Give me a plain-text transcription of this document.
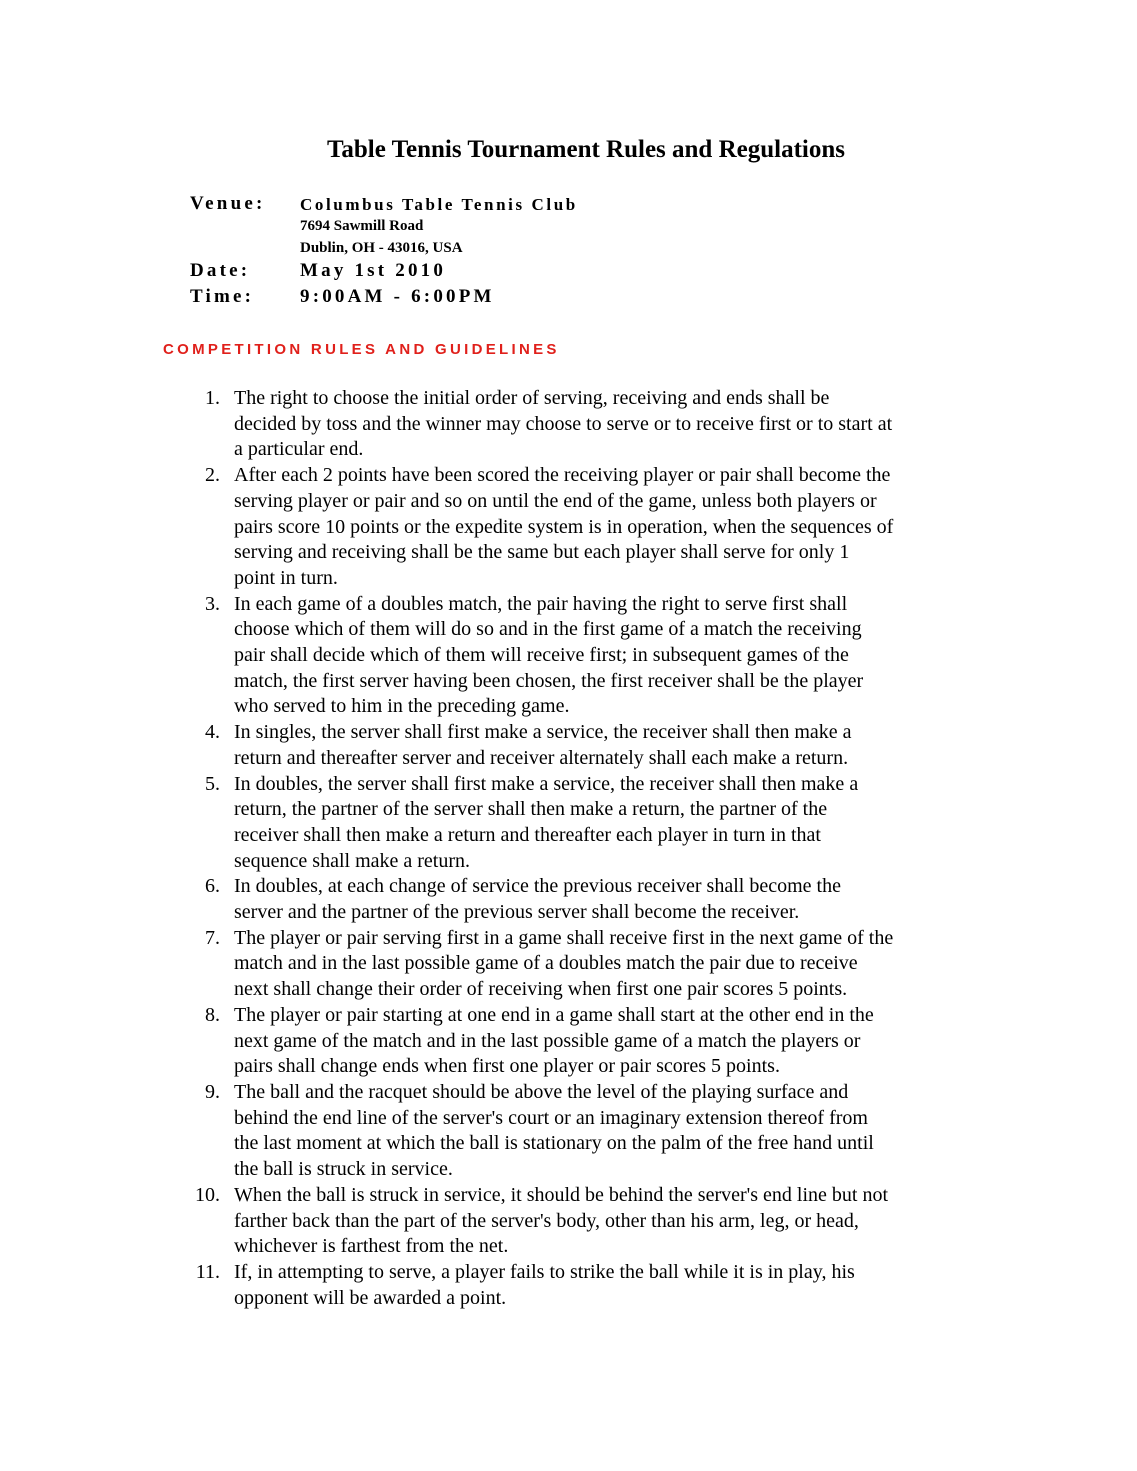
Table Tennis Tournament Rules and Regulations
Venue: Columbus Table Tennis Club
7694 Sawmill Road
Dublin, OH - 43016, USA
Date:	May 1st 2010
Time: 9:00AM - 6:00PM
COMPETITION RULES AND GUIDELINES
1. The right to choose the initial order of serving, receiving and ends shall be
decided by toss and the winner may choose to serve or to receive first or to start at
a particular end.
2. After each 2 points have been scored the receiving player or pair shall become the
serving player or pair and so on until the end of the game, unless both players or
pairs score 10 points or the expedite system is in operation, when the sequences of
serving and receiving shall be the same but each player shall serve for only 1
point in turn.
3. In each game of a doubles match, the pair having the right to serve first shall
choose which of them will do so and in the first game of a match the receiving
pair shall decide which of them will receive first; in subsequent games of the
match, the first server having been chosen, the first receiver shall be the player
who served to him in the preceding game.
4. In singles, the server shall first make a service, the receiver shall then make a
return and thereafter server and receiver alternately shall each make a return.
5. In doubles, the server shall first make a service, the receiver shall then make a
return, the partner of the server shall then make a return, the partner of the
receiver shall then make a return and thereafter each player in turn in that
sequence shall make a return.
6. In doubles, at each change of service the previous receiver shall become the
server and the partner of the previous server shall become the receiver.
7. The player or pair serving first in a game shall receive first in the next game of the
match and in the last possible game of a doubles match the pair due to receive
next shall change their order of receiving when first one pair scores 5 points.
8. The player or pair starting at one end in a game shall start at the other end in the
next game of the match and in the last possible game of a match the players or
pairs shall change ends when first one player or pair scores 5 points.
9. The ball and the racquet should be above the level of the playing surface and
behind the end line of the server's court or an imaginary extension thereof from
the last moment at which the ball is stationary on the palm of the free hand until
the ball is struck in service.
10. When the ball is struck in service, it should be behind the server's end line but not
farther back than the part of the server's body, other than his arm, leg, or head,
whichever is farthest from the net.
11. If, in attempting to serve, a player fails to strike the ball while it is in play, his
opponent will be awarded a point.
